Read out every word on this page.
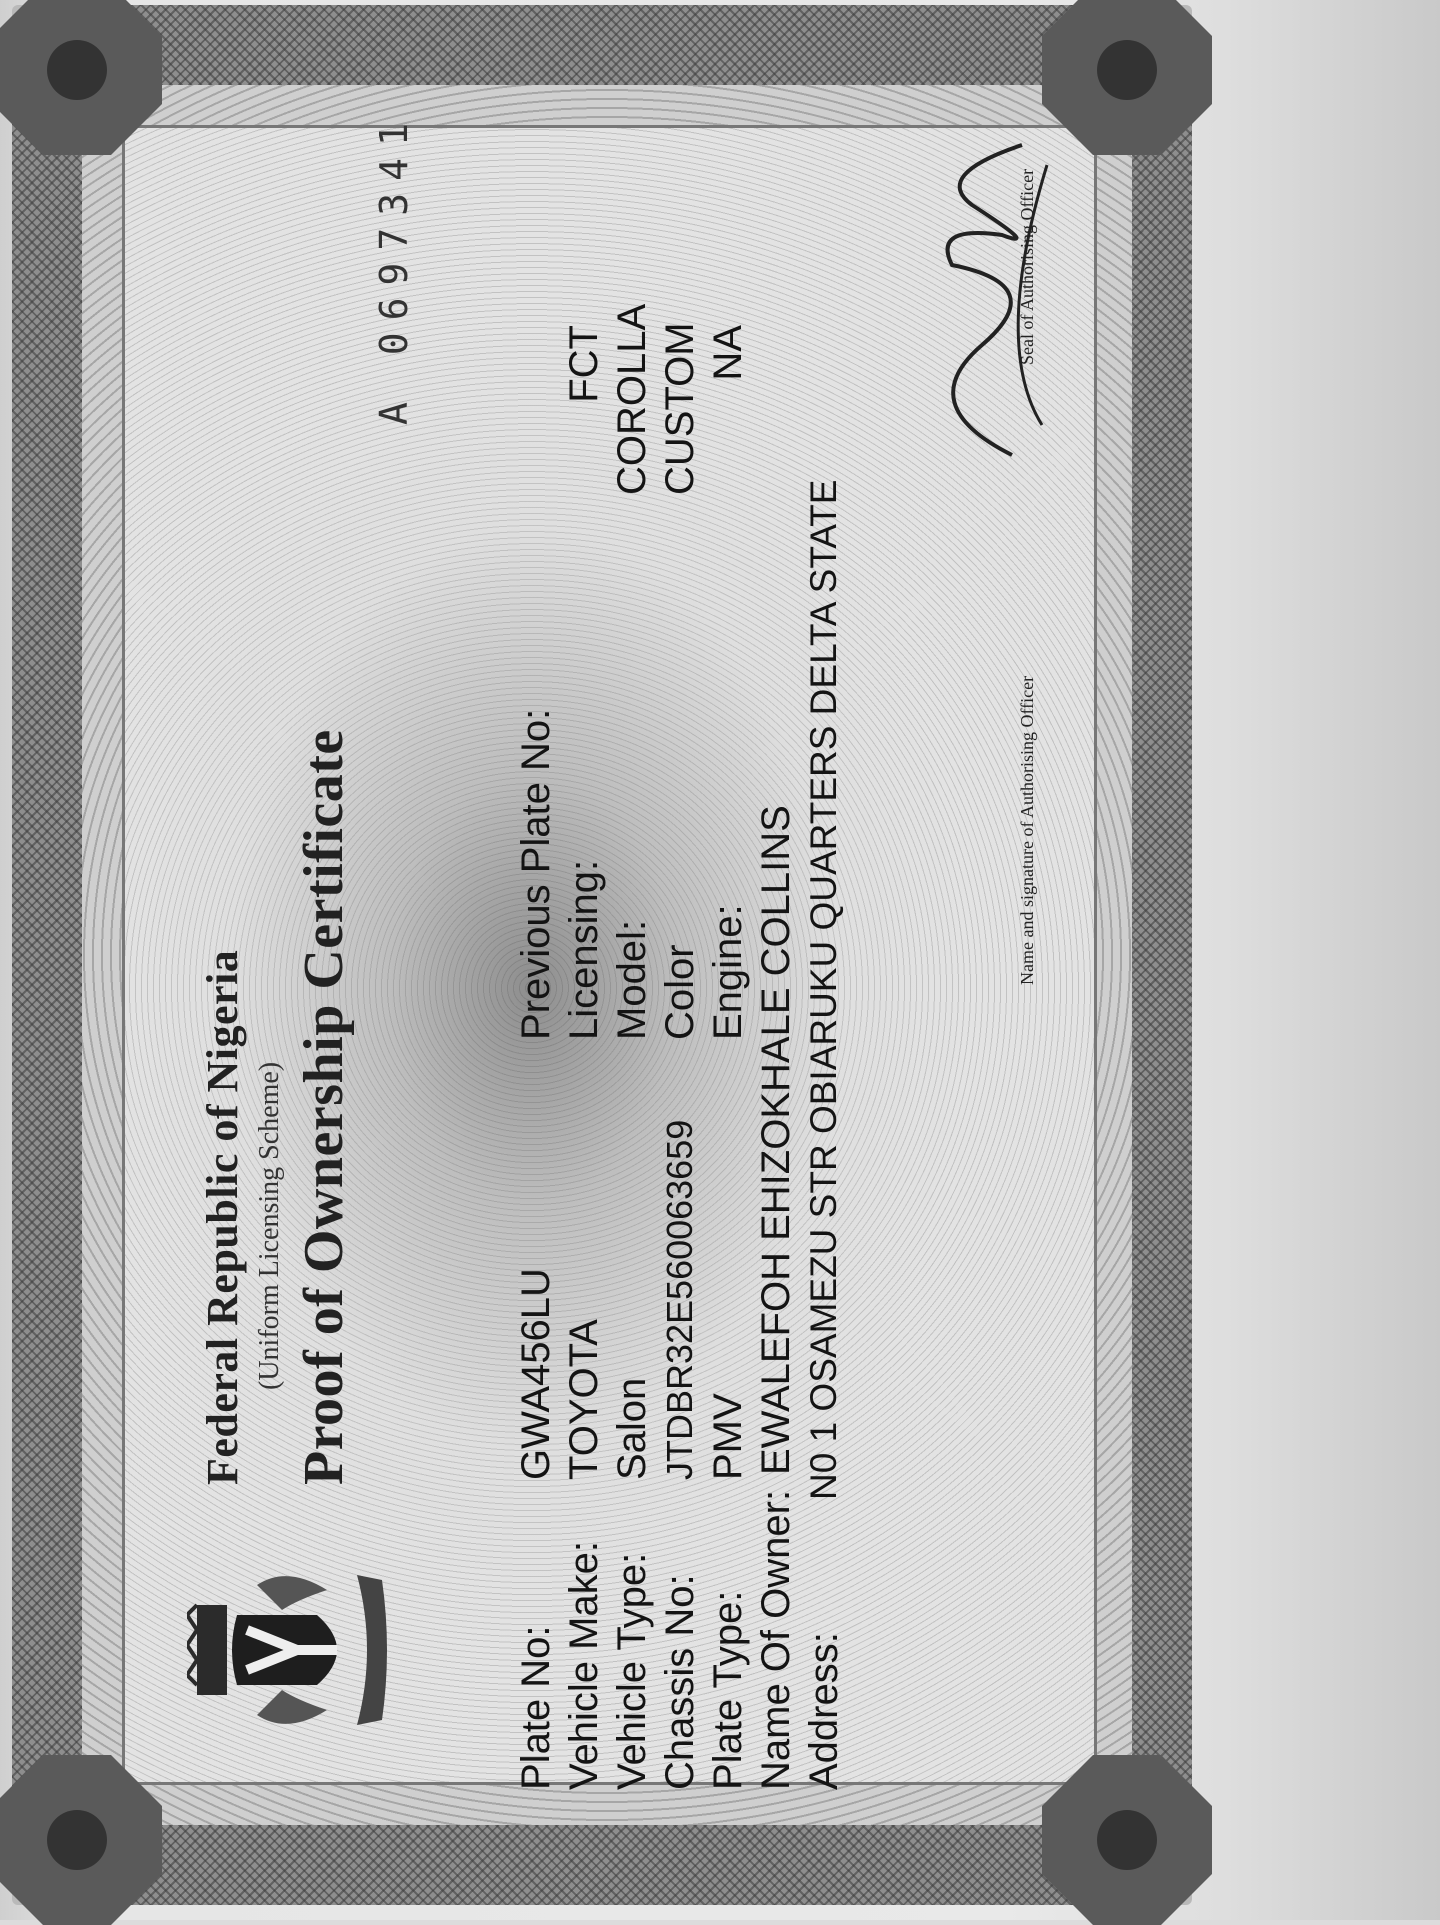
Federal Republic of Nigeria (Uniform Licensing Scheme) Proof of Ownership Certificate
A 0697341
Plate No:
GWA456LU
Vehicle Make:
TOYOTA
Vehicle Type:
Salon
Chassis No:
JTDBR32E560063659
Plate Type:
PMV
Name Of Owner:
EWALEFOH EHIZOKHALE COLLINS
Address:
N0 1 OSAMEZU STR OBIARUKU QUARTERS DELTA STATE
Previous Plate No: Licensing:
FCT
Model:
COROLLA
Color
CUSTOM
Engine:
NA
Name and signature of Authorising Officer
Seal of Authorising Officer
